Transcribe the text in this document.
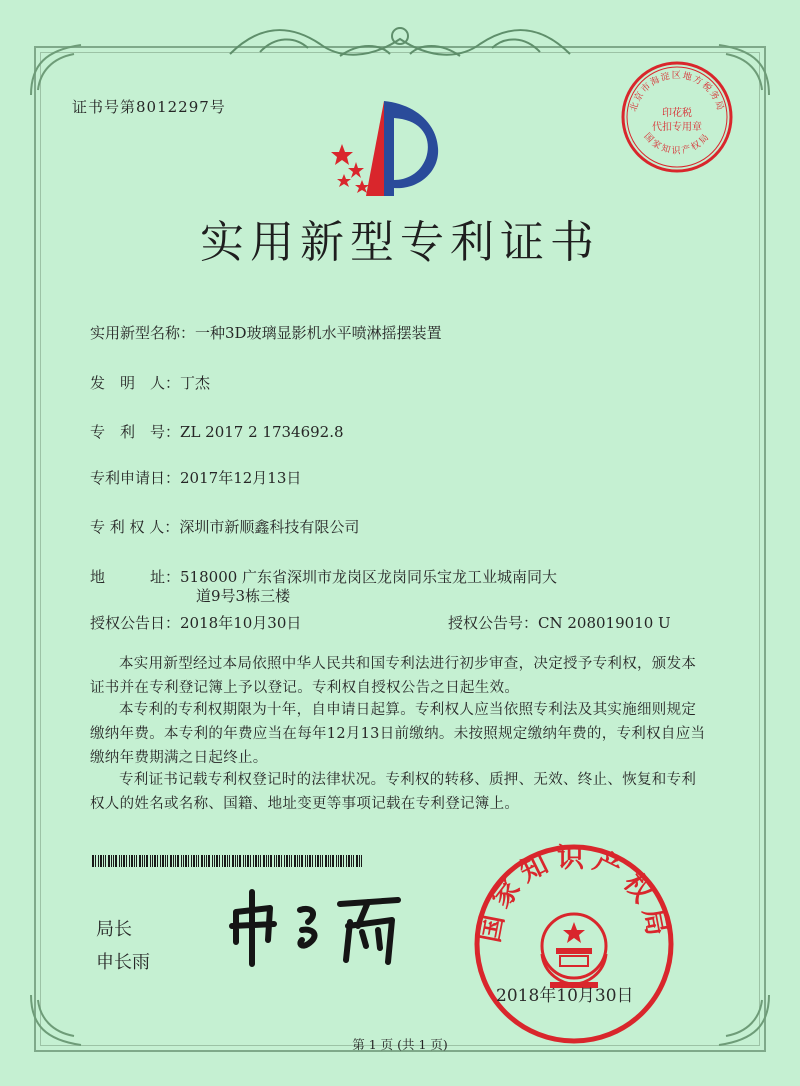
证书号第8012297号	北京市海淀区地方税务局
印花税
代扣专用章
国家知识产权局
实用新型专利证书
实用新型名称：一种3D玻璃显影机水平喷淋摇摆装置
发　明　人：丁杰
专　利　号：ZL 2017 2 1734692.8
专利申请日：2017年12月13日
专 利 权 人：深圳市新顺鑫科技有限公司
地　　　址：518000 广东省深圳市龙岗区龙岗同乐宝龙工业城南同大
道9号3栋三楼
授权公告日：2018年10月30日	授权公告号：CN 208019010 U
本实用新型经过本局依照中华人民共和国专利法进行初步审查，决定授予专利权，颁发本证书并在专利登记簿上予以登记。专利权自授权公告之日起生效。
本专利的专利权期限为十年，自申请日起算。专利权人应当依照专利法及其实施细则规定缴纳年费。本专利的年费应当在每年12月13日前缴纳。未按照规定缴纳年费的，专利权自应当缴纳年费期满之日起终止。
专利证书记载专利权登记时的法律状况。专利权的转移、质押、无效、终止、恢复和专利权人的姓名或名称、国籍、地址变更等事项记载在专利登记簿上。
局长
申长雨
国家知识产权局
2018年10月30日
第 1 页 (共 1 页)
